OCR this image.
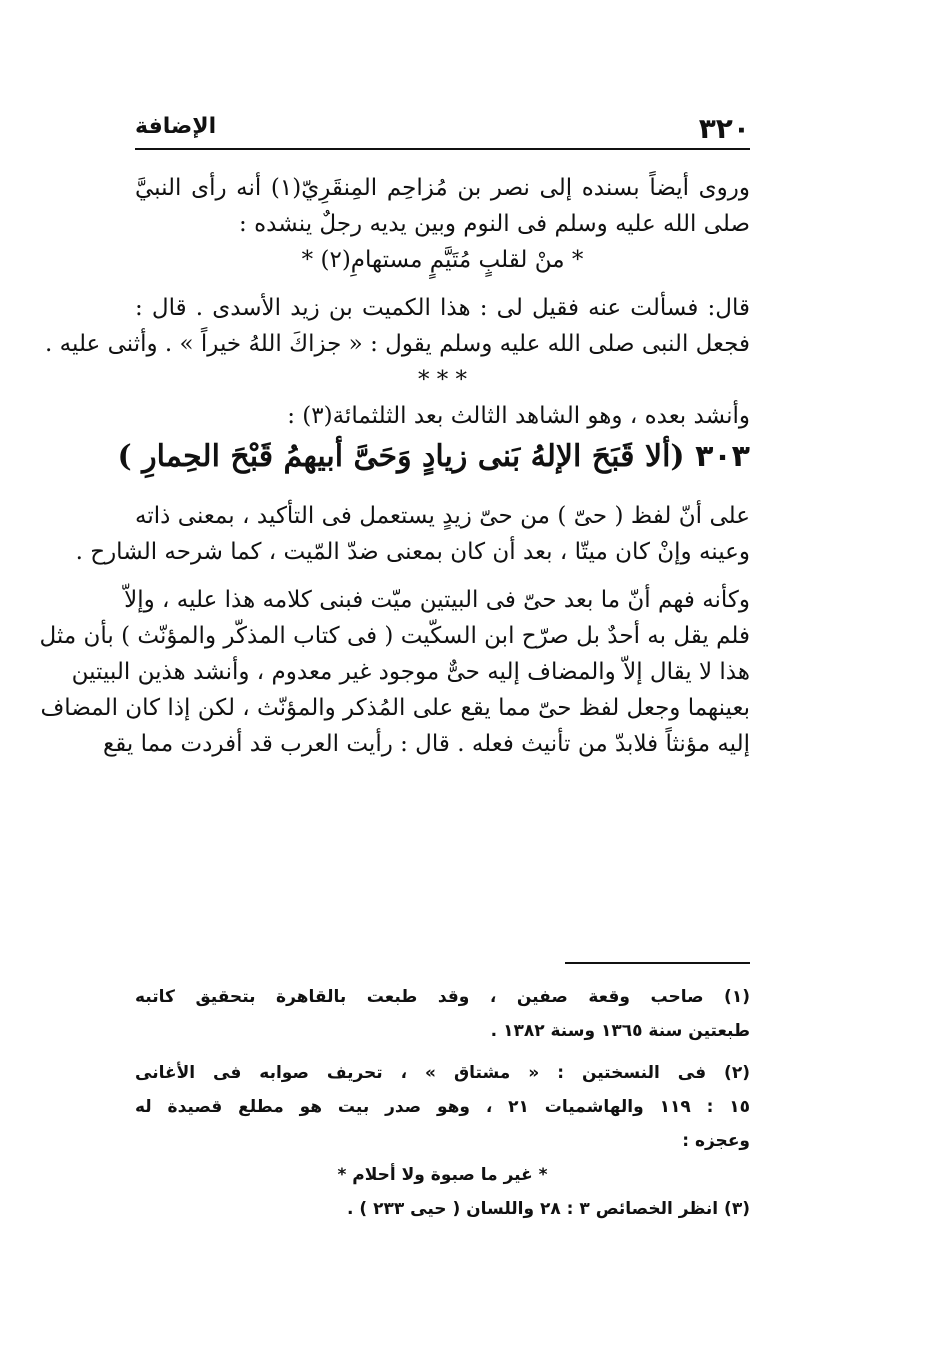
٣٢٠
الإضافة
وروى أيضاً بسنده إلى نصر بن مُزاحِم المِنقَرِيّ(١) أنه رأى النبيَّ
صلى الله عليه وسلم فى النوم وبين يديه رجلٌ ينشده :
* منْ لقلبٍ مُتَيَّمٍ مستهامِ(٢) *
قال: فسألت عنه فقيل لى : هذا الكميت بن زيد الأسدى . قال :
فجعل النبى صلى الله عليه وسلم يقول : « جزاكَ اللهُ خيراً » . وأثنى عليه .
* * *
وأنشد بعده ، وهو الشاهد الثالث بعد الثلثمائة(٣) :
٣٠٣ (ألا قَبَحَ الإلهُ بَنى زيادٍ وَحَىَّ أبيهمُ قَبْحَ الحِمارِ )
على أنّ لفظ ( حىّ ) من حىّ زيدٍ يستعمل فى التأكيد ، بمعنى ذاته
وعينه وإنْ كان ميتّا ، بعد أن كان بمعنى ضدّ المّيت ، كما شرحه الشارح .
وكأنه فهم أنّ ما بعد حىّ فى البيتين ميّت فبنى كلامه هذا عليه ، وإلاّ
فلم يقل به أحدٌ بل صرّح ابن السكّيت ( فى كتاب المذكّر والمؤنّث ) بأن مثل
هذا لا يقال إلاّ والمضاف إليه حىٌّ موجود غير معدوم ، وأنشد هذين البيتين
بعينهما وجعل لفظ حىّ مما يقع على المُذكر والمؤنّث ، لكن إذا كان المضاف
إليه مؤنثاً فلابدّ من تأنيث فعله . قال : رأيت العرب قد أفردت مما يقع
(١) صاحب وقعة صفين ، وقد طبعت بالقاهرة بتحقيق كاتبه
طبعتين سنة ١٣٦٥ وسنة ١٣٨٢ .
(٢) فى النسختين : « مشتاق » ، تحريف صوابه فى الأغانى
١٥ : ١١٩ والهاشميات ٢١ ، وهو صدر بيت هو مطلع قصيدة له
وعجزه :
* غير ما صبوة ولا أحلام *
(٣) انظر الخصائص ٣ : ٢٨ واللسان ( حيى ٢٣٣ ) .
